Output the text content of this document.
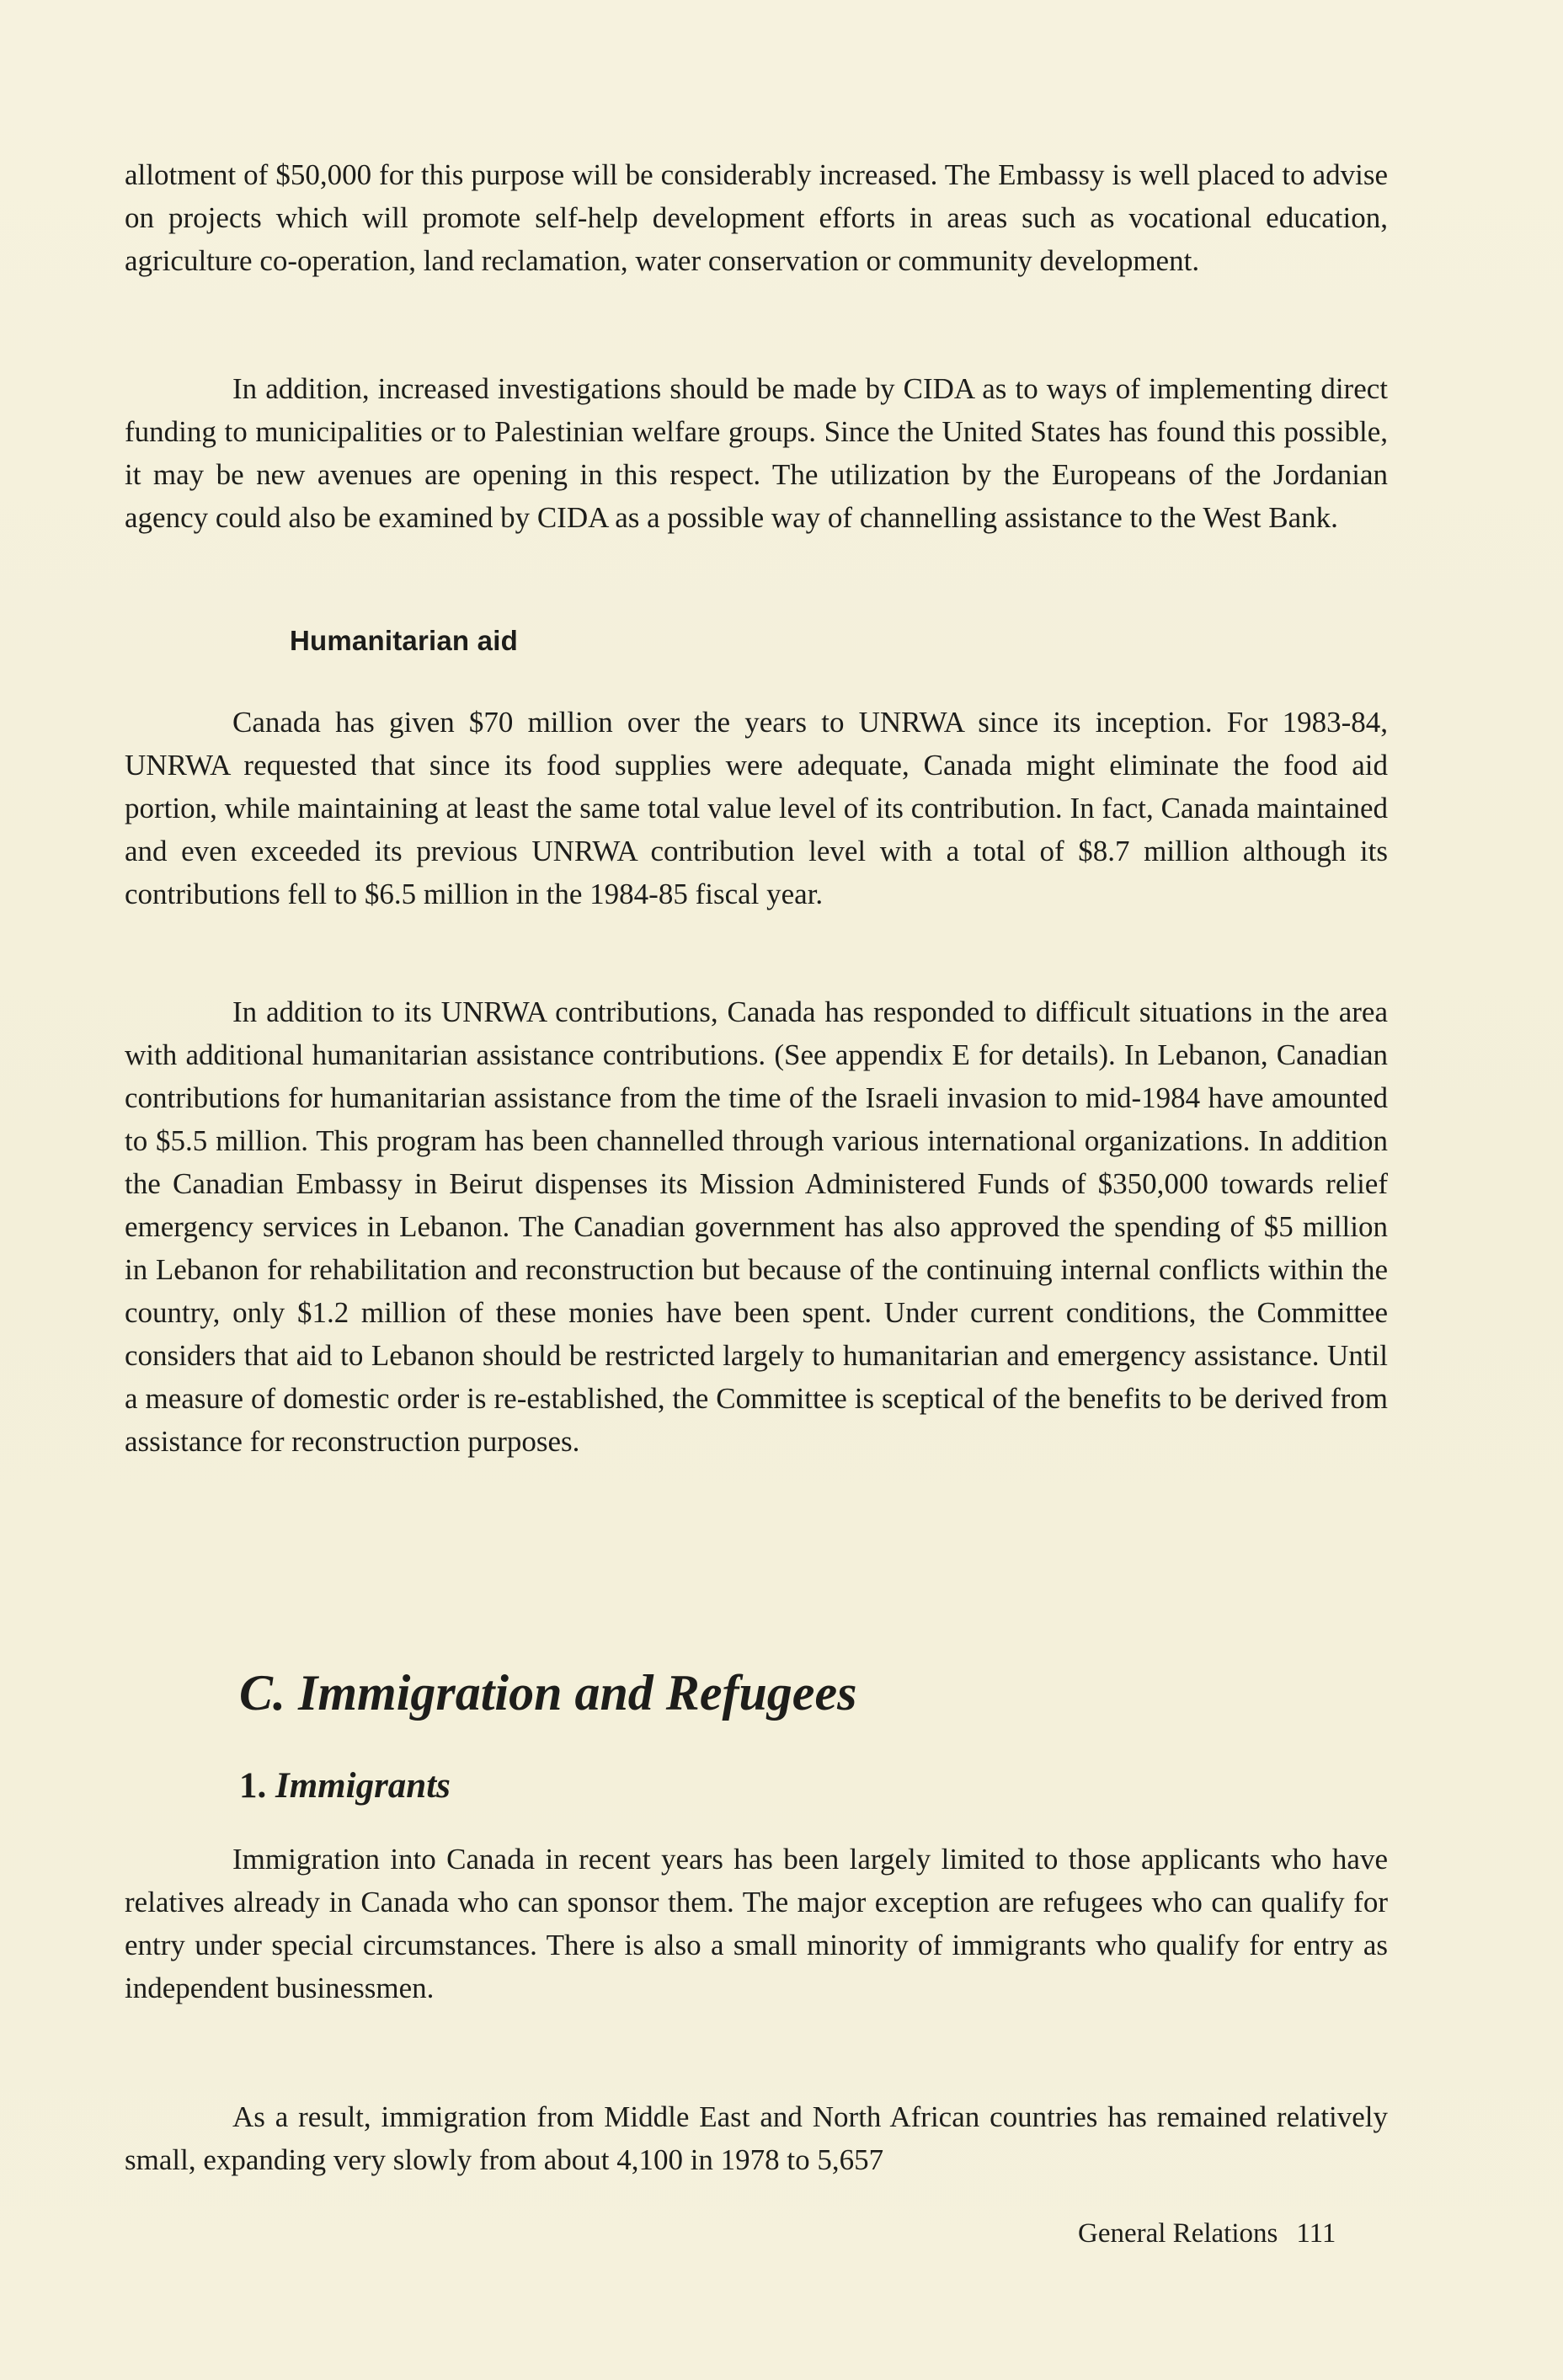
allotment of $50,000 for this purpose will be considerably increased. The Embassy is well placed to advise on projects which will promote self-help development efforts in areas such as vocational education, agriculture co-operation, land reclamation, water conservation or community development.

In addition, increased investigations should be made by CIDA as to ways of implementing direct funding to municipalities or to Palestinian welfare groups. Since the United States has found this possible, it may be new avenues are opening in this respect. The utilization by the Europeans of the Jordanian agency could also be examined by CIDA as a possible way of channelling assistance to the West Bank.

Humanitarian aid

Canada has given $70 million over the years to UNRWA since its inception. For 1983-84, UNRWA requested that since its food supplies were adequate, Canada might eliminate the food aid portion, while maintaining at least the same total value level of its contribution. In fact, Canada maintained and even exceeded its previous UNRWA contribution level with a total of $8.7 million although its contributions fell to $6.5 million in the 1984-85 fiscal year.

In addition to its UNRWA contributions, Canada has responded to difficult situations in the area with additional humanitarian assistance contributions. (See appendix E for details). In Lebanon, Canadian contributions for humanitarian assistance from the time of the Israeli invasion to mid-1984 have amounted to $5.5 million. This program has been channelled through various international organizations. In addition the Canadian Embassy in Beirut dispenses its Mission Administered Funds of $350,000 towards relief emergency services in Lebanon. The Canadian government has also approved the spending of $5 million in Lebanon for rehabilitation and reconstruction but because of the continuing internal conflicts within the country, only $1.2 million of these monies have been spent. Under current conditions, the Committee considers that aid to Lebanon should be restricted largely to humanitarian and emergency assistance. Until a measure of domestic order is re-established, the Committee is sceptical of the benefits to be derived from assistance for reconstruction purposes.

C. Immigration and Refugees
1. Immigrants

Immigration into Canada in recent years has been largely limited to those applicants who have relatives already in Canada who can sponsor them. The major exception are refugees who can qualify for entry under special circumstances. There is also a small minority of immigrants who qualify for entry as independent businessmen.

As a result, immigration from Middle East and North African countries has remained relatively small, expanding very slowly from about 4,100 in 1978 to 5,657

General Relations 111
